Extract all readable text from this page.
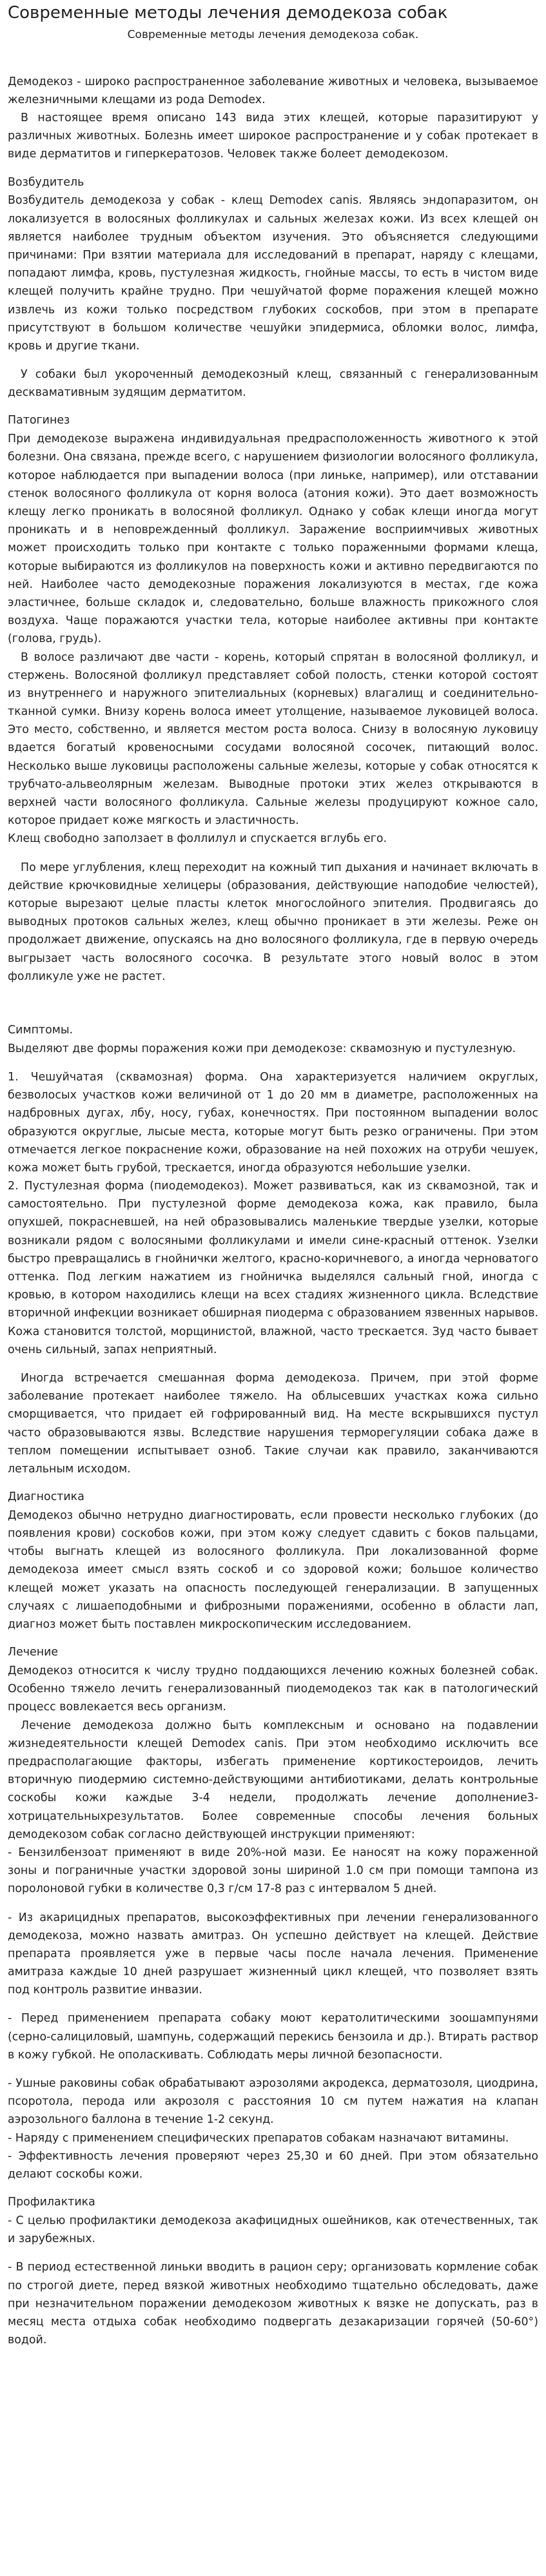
Современные методы лечения демодекоза собак
Современные методы лечения демодекоза собак.

Демодекоз - широко распространенное заболевание животных и человека, вызываемое железничными клещами из рода Demodex.

В настоящее время описано 143 вида этих клещей, которые паразитируют у различных животных. Болезнь имеет широкое распространение и у собак протекает в виде дерматитов и гиперкератозов. Человек также болеет демодекозом.

Возбудитель

Возбудитель демодекоза у собак - клещ Demodex canis. Являясь эндопаразитом, он локализуется в волосяных фолликулах и сальных железах кожи. Из всех клещей он является наиболее трудным объектом изучения. Это объясняется следующими причинами: При взятии материала для исследований в препарат, наряду с клещами, попадают лимфа, кровь, пустулезная жидкость, гнойные массы, то есть в чистом виде клещей получить крайне трудно. При чешуйчатой форме поражения клещей можно извлечь из кожи только посредством глубоких соскобов, при этом в препарате присутствуют в большом количестве чешуйки эпидермиса, обломки волос, лимфа, кровь и другие ткани.

У собаки был укороченный демодекозный клещ, связанный с генерализованным десквамативным зудящим дерматитом.

Патогинез

При демодекозе выражена индивидуальная предрасположенность животного к этой болезни. Она связана, прежде всего, с нарушением физиологии волосяного фолликула, которое наблюдается при выпадении волоса (при линьке, например), или отставании стенок волосяного фолликула от корня волоса (атония кожи). Это дает возможность клещу легко проникать в волосяной фолликул. Однако у собак клещи иногда могут проникать и в неповрежденный фолликул. Заражение восприимчивых животных может происходить только при контакте с только пораженными формами клеща, которые выбираются из фолликулов на поверхность кожи и активно передвигаются по ней. Наиболее часто демодекозные поражения локализуются в местах, где кожа эластичнее, больше складок и, следовательно, больше влажность прикожного слоя воздуха. Чаще поражаются участки тела, которые наиболее активны при контакте (голова, грудь).

В волосе различают две части - корень, который спрятан в волосяной фолликул, и стержень. Волосяной фолликул представляет собой полость, стенки которой состоят из внутреннего и наружного эпителиальных (корневых) влагалищ и соединительно-тканной сумки. Внизу корень волоса имеет утолщение, называемое луковицей волоса. Это место, собственно, и является местом роста волоса. Снизу в волосяную луковицу вдается богатый кровеносными сосудами волосяной сосочек, питающий волос. Несколько выше луковицы расположены сальные железы, которые у собак относятся к трубчато-альвеолярным железам. Выводные протоки этих желез открываются в верхней части волосяного фолликула. Сальные железы продуцируют кожное сало, которое придает коже мягкость и эластичность.

Клещ свободно заползает в фоллилул и спускается вглубь его.

По мере углубления, клещ переходит на кожный тип дыхания и начинает включать в действие крючковидные хелицеры (образования, действующие наподобие челюстей), которые вырезают целые пласты клеток многослойного эпителия. Продвигаясь до выводных протоков сальных желез, клещ обычно проникает в эти железы. Реже он продолжает движение, опускаясь на дно волосяного фолликула, где в первую очередь выгрызает часть волосяного сосочка. В результате этого новый волос в этом фолликуле уже не растет.

Симптомы.

Выделяют две формы поражения кожи при демодекозе: сквамозную и пустулезную.

1. Чешуйчатая (сквамозная) форма. Она характеризуется наличием округлых, безволосых участков кожи величиной от 1 до 20 мм в диаметре, расположенных на надбровных дугах, лбу, носу, губах, конечностях. При постоянном выпадении волос образуются округлые, лысые места, которые могут быть резко ограничены. При этом отмечается легкое покраснение кожи, образование на ней похожих на отруби чешуек, кожа может быть грубой, трескается, иногда образуются небольшие узелки.

2. Пустулезная форма (пиодемодекоз). Может развиваться, как из сквамозной, так и самостоятельно. При пустулезной форме демодекоза кожа, как правило, была опухшей, покрасневшей, на ней образовывались маленькие твердые узелки, которые возникали рядом с волосяными фолликулами и имели сине-красный оттенок. Узелки быстро превращались в гнойнички желтого, красно-коричневого, а иногда черноватого оттенка. Под легким нажатием из гнойничка выделялся сальный гной, иногда с кровью, в котором находились клещи на всех стадиях жизненного цикла. Вследствие вторичной инфекции возникает обширная пиодерма с образованием язвенных нарывов. Кожа становится толстой, морщинистой, влажной, часто трескается. Зуд часто бывает очень сильный, запах неприятный.

Иногда встречается смешанная форма демодекоза. Причем, при этой форме заболевание протекает наиболее тяжело. На облысевших участках кожа сильно сморщивается, что придает ей гофрированный вид. На месте вскрывшихся пустул часто образовываются язвы. Вследствие нарушения терморегуляции собака даже в теплом помещении испытывает озноб. Такие случаи как правило, заканчиваются летальным исходом.

Диагностика

Демодекоз обычно нетрудно диагностировать, если провести несколько глубоких (до появления крови) соскобов кожи, при этом кожу следует сдавить с боков пальцами, чтобы выгнать клещей из волосяного фолликула. При локализованной форме демодекоза имеет смысл взять соскоб и со здоровой кожи; большое количество клещей может указать на опасность последующей генерализации. В запущенных случаях с лишаеподобными и фиброзными поражениями, особенно в области лап, диагноз может быть поставлен микроскопическим исследованием.

Лечение

Демодекоз относится к числу трудно поддающихся лечению кожных болезней собак. Особенно тяжело лечить генерализованный пиодемодекоз так как в патологический процесс вовлекается весь организм.

Лечение демодекоза должно быть комплексным и основано на подавлении жизнедеятельности клещей Demodex canis. При этом необходимо исключить все предрасполагающие факторы, избегать применение кортикостероидов, лечить вторичную пиодермию системно-действующими антибиотиками, делать контрольные соскобы кожи каждые 3-4 недели, продолжать лечение дополнение3-хотрицательныхрезультатов. Более современные способы лечения больных демодекозом собак согласно действующей инструкции применяют:

- Бензилбензоат применяют в виде 20%-ной мази. Ее наносят на кожу пораженной зоны и пограничные участки здоровой зоны шириной 1.0 см при помощи тампона из поролоновой губки в количестве 0,3 г/см 17-8 раз с интервалом 5 дней.

- Из акарицидных препаратов, высокоэффективных при лечении генерализованного демодекоза, можно назвать амитраз. Он успешно действует на клещей. Действие препарата проявляется уже в первые часы после начала лечения. Применение амитраза каждые 10 дней разрушает жизненный цикл клещей, что позволяет взять под контроль развитие инвазии.

- Перед применением препарата собаку моют кератолитическими зоошампунями (серно-салициловый, шампунь, содержащий перекись бензоила и др.). Втирать раствор в кожу губкой. Не ополаскивать. Соблюдать меры личной безопасности.

- Ушные раковины собак обрабатывают аэрозолями акродекса, дерматозоля, циодрина, псоротола, перода или акрозоля с расстояния 10 см путем нажатия на клапан аэрозольного баллона в течение 1-2 секунд.

- Наряду с применением специфических препаратов собакам назначают витамины.

- Эффективность лечения проверяют через 25,30 и 60 дней. При этом обязательно делают соскобы кожи.

Профилактика

- С целью профилактики демодекоза акафицидных ошейников, как отечественных, так и зарубежных.

- В период естественной линьки вводить в рацион серу; организовать кормление собак по строгой диете, перед вязкой животных необходимо тщательно обследовать, даже при незначительном поражении демодекозом животных к вязке не допускать, раз в месяц места отдыха собак необходимо подвергать дезакаризации горячей (50-60°) водой.
